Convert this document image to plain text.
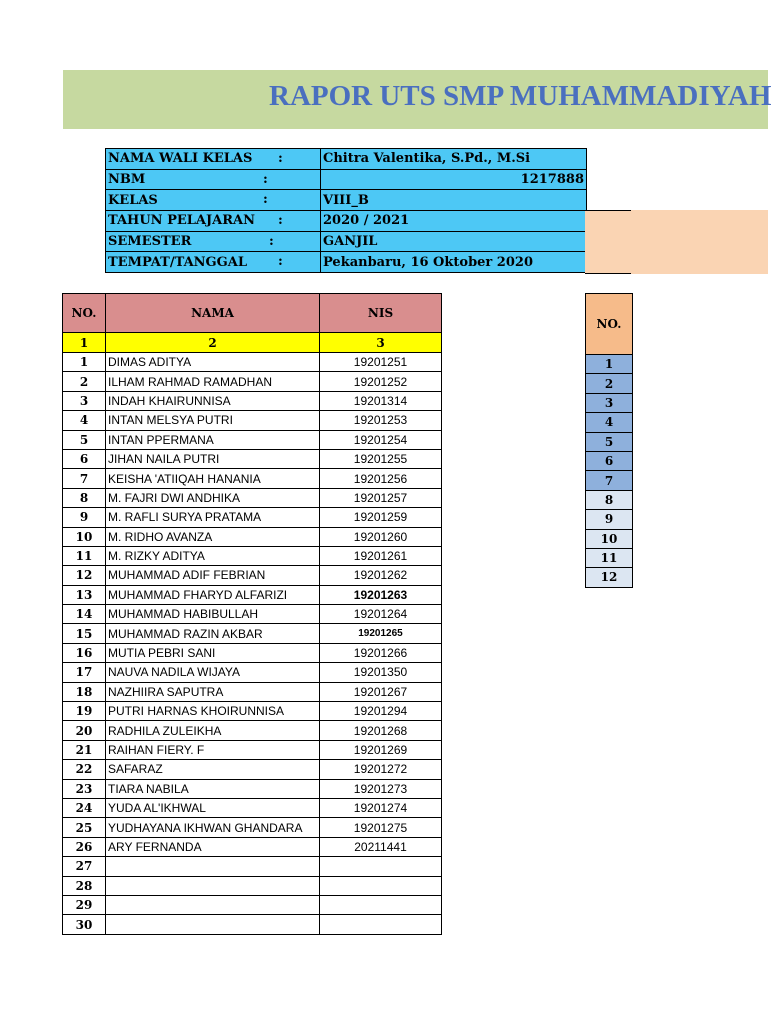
RAPOR UTS SMP MUHAMMADIYAH
NAMA WALI KELAS :	Chitra Valentika, S.Pd., M.Si
NBM :	1217888
KELAS :	VIII_B
TAHUN PELAJARAN :	2020 / 2021
SEMESTER :	GANJIL
TEMPAT/TANGGAL :	Pekanbaru, 16 Oktober 2020
NO.	NAMA	NIS
1	2	3
1	DIMAS ADITYA	19201251
2	ILHAM RAHMAD RAMADHAN	19201252
3	INDAH KHAIRUNNISA	19201314
4	INTAN MELSYA PUTRI	19201253
5	INTAN PPERMANA	19201254
6	JIHAN NAILA PUTRI	19201255
7	KEISHA 'ATIIQAH HANANIA	19201256
8	M. FAJRI DWI ANDHIKA	19201257
9	M. RAFLI SURYA PRATAMA	19201259
10	M. RIDHO AVANZA	19201260
11	M. RIZKY ADITYA	19201261
12	MUHAMMAD ADIF FEBRIAN	19201262
13	MUHAMMAD FHARYD ALFARIZI	19201263
14	MUHAMMAD HABIBULLAH	19201264
15	MUHAMMAD RAZIN AKBAR	19201265
16	MUTIA PEBRI SANI	19201266
17	NAUVA NADILA WIJAYA	19201350
18	NAZHIIRA SAPUTRA	19201267
19	PUTRI HARNAS KHOIRUNNISA	19201294
20	RADHILA ZULEIKHA	19201268
21	RAIHAN FIERY. F	19201269
22	SAFARAZ	19201272
23	TIARA NABILA	19201273
24	YUDA AL'IKHWAL	19201274
25	YUDHAYANA IKHWAN GHANDARA	19201275
26	ARY FERNANDA	20211441
27		
28		
29		
30		
NO.
1
2
3
4
5
6
7
8
9
10
11
12
